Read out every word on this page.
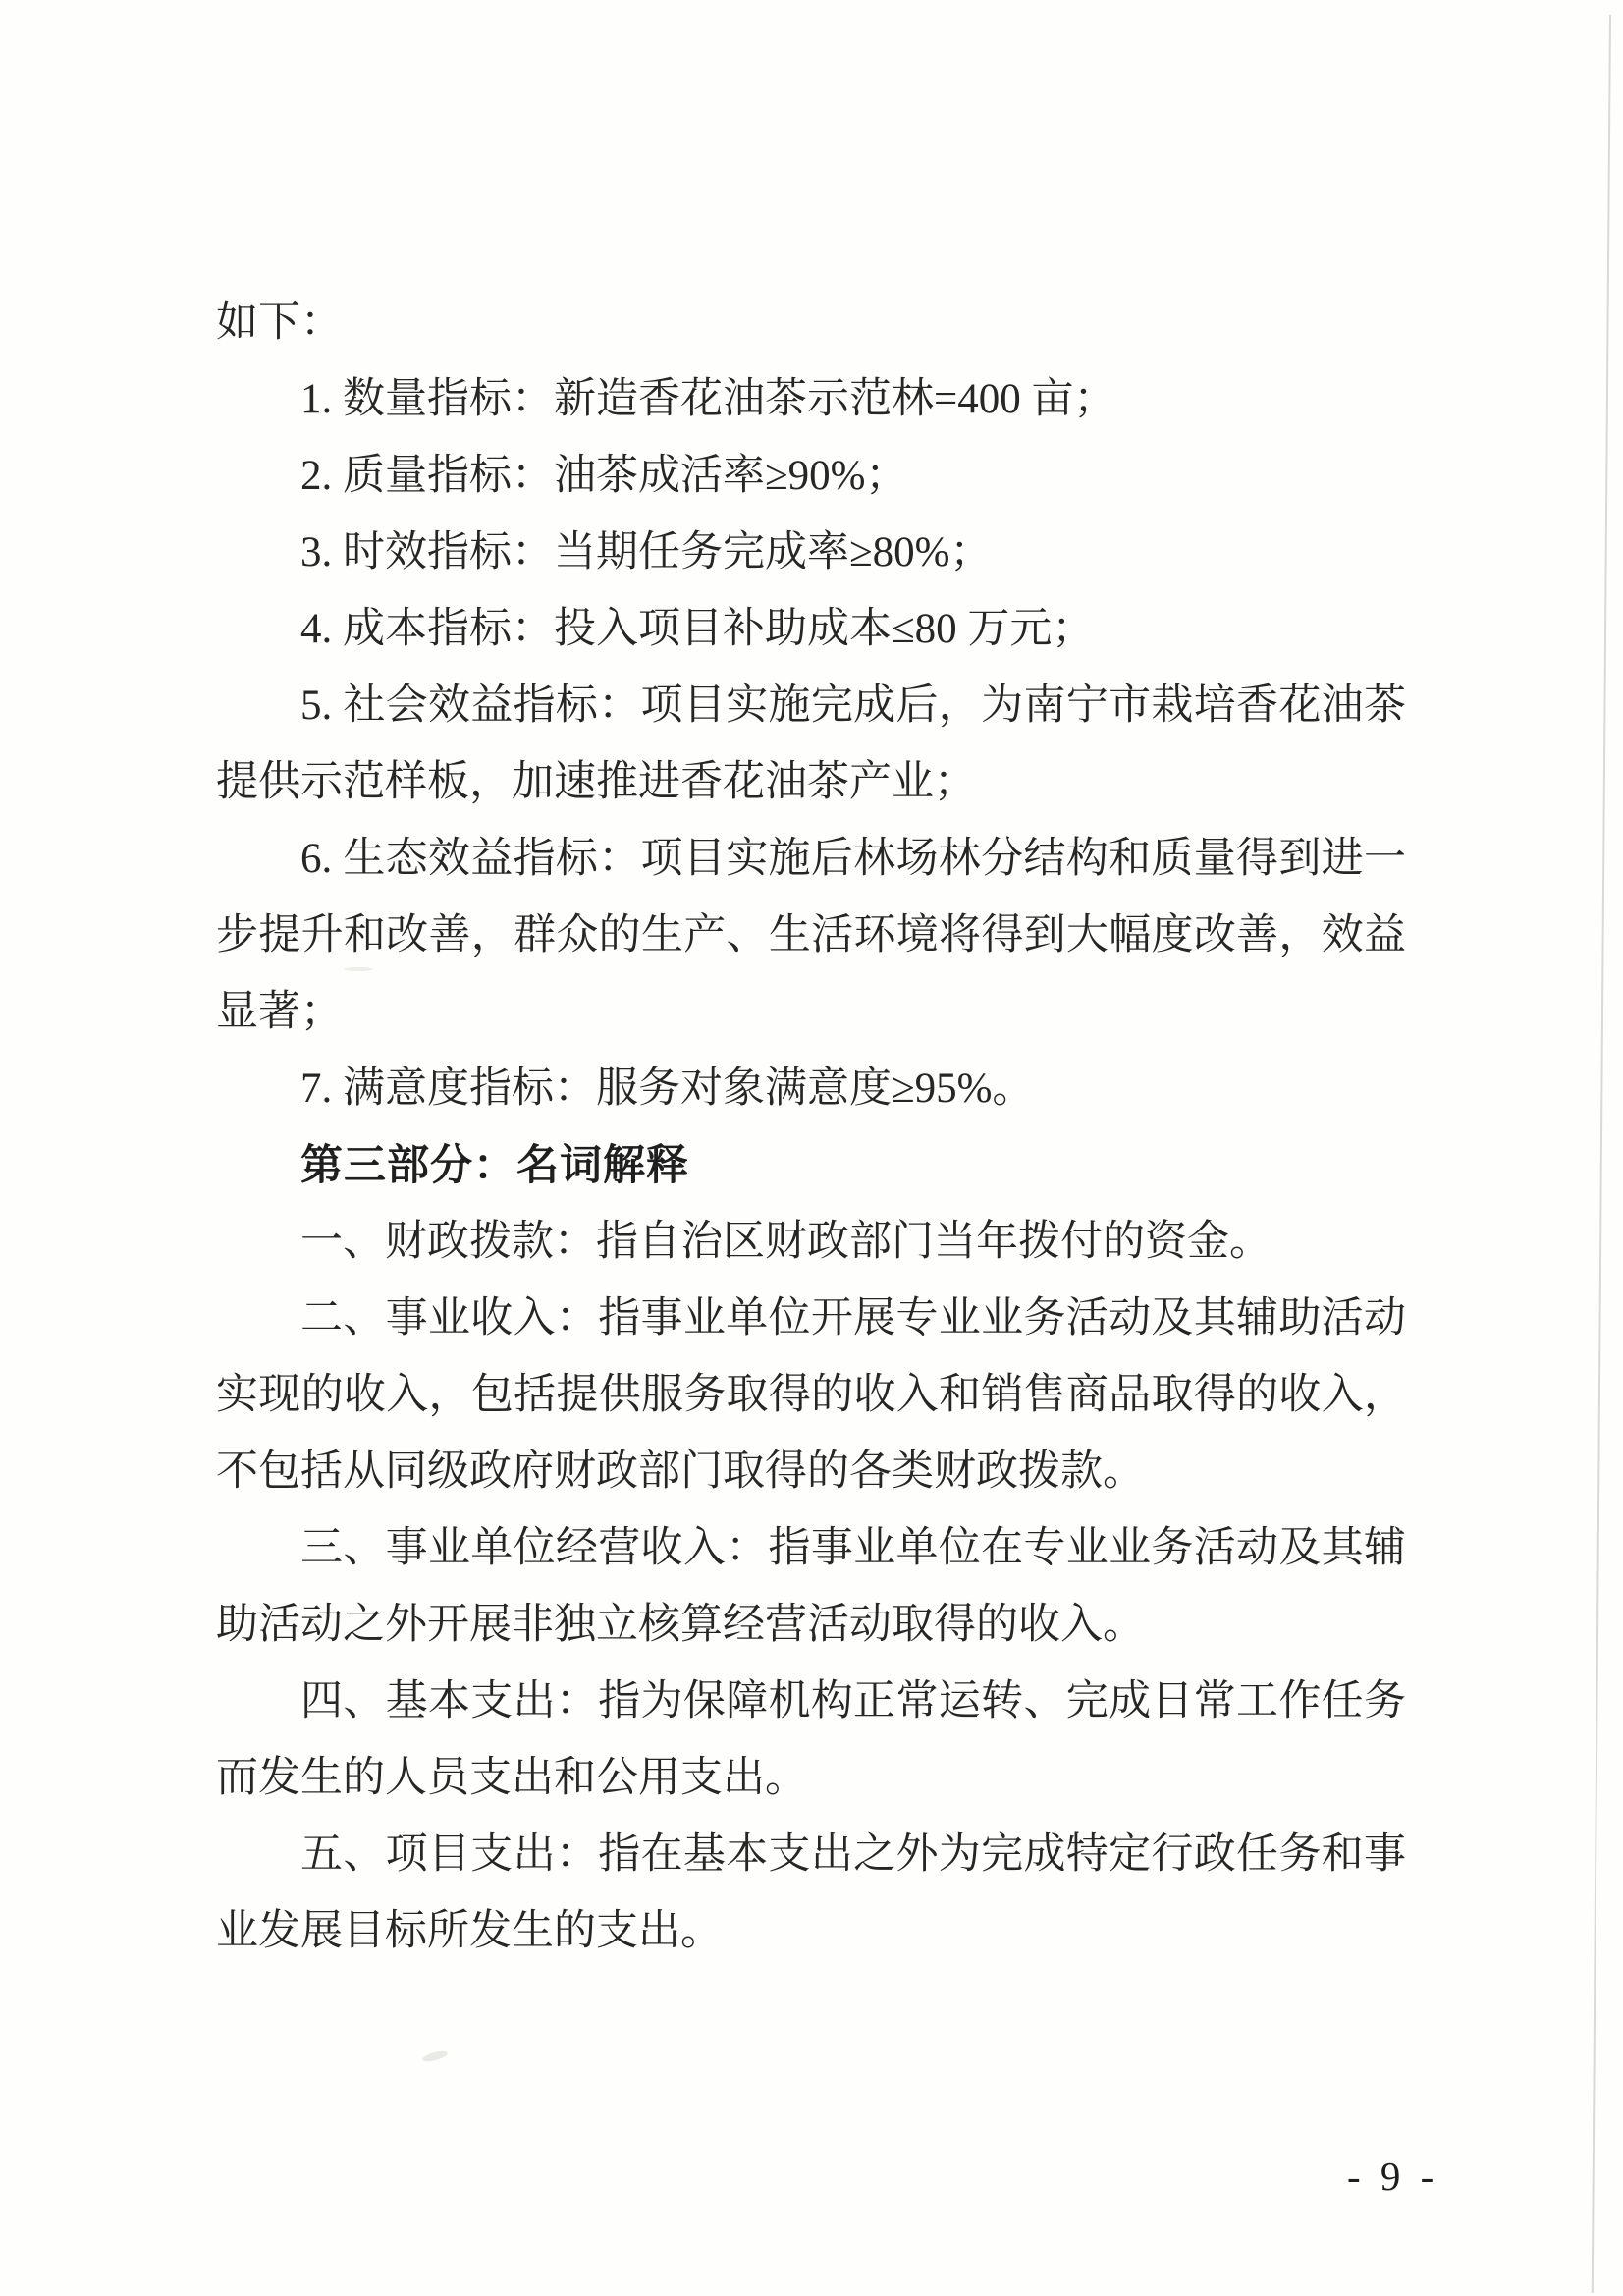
如下：

1. 数量指标：新造香花油茶示范林=400 亩；

2. 质量指标：油茶成活率≥90%；

3. 时效指标：当期任务完成率≥80%；

4. 成本指标：投入项目补助成本≤80 万元；

5. 社会效益指标：项目实施完成后，为南宁市栽培香花油茶提供示范样板，加速推进香花油茶产业；

6. 生态效益指标：项目实施后林场林分结构和质量得到进一步提升和改善，群众的生产、生活环境将得到大幅度改善，效益显著；

7. 满意度指标：服务对象满意度≥95%。

第三部分：名词解释

一、财政拨款：指自治区财政部门当年拨付的资金。

二、事业收入：指事业单位开展专业业务活动及其辅助活动实现的收入，包括提供服务取得的收入和销售商品取得的收入，不包括从同级政府财政部门取得的各类财政拨款。

三、事业单位经营收入：指事业单位在专业业务活动及其辅助活动之外开展非独立核算经营活动取得的收入。

四、基本支出：指为保障机构正常运转、完成日常工作任务而发生的人员支出和公用支出。

五、项目支出：指在基本支出之外为完成特定行政任务和事业发展目标所发生的支出。

- 9 -
